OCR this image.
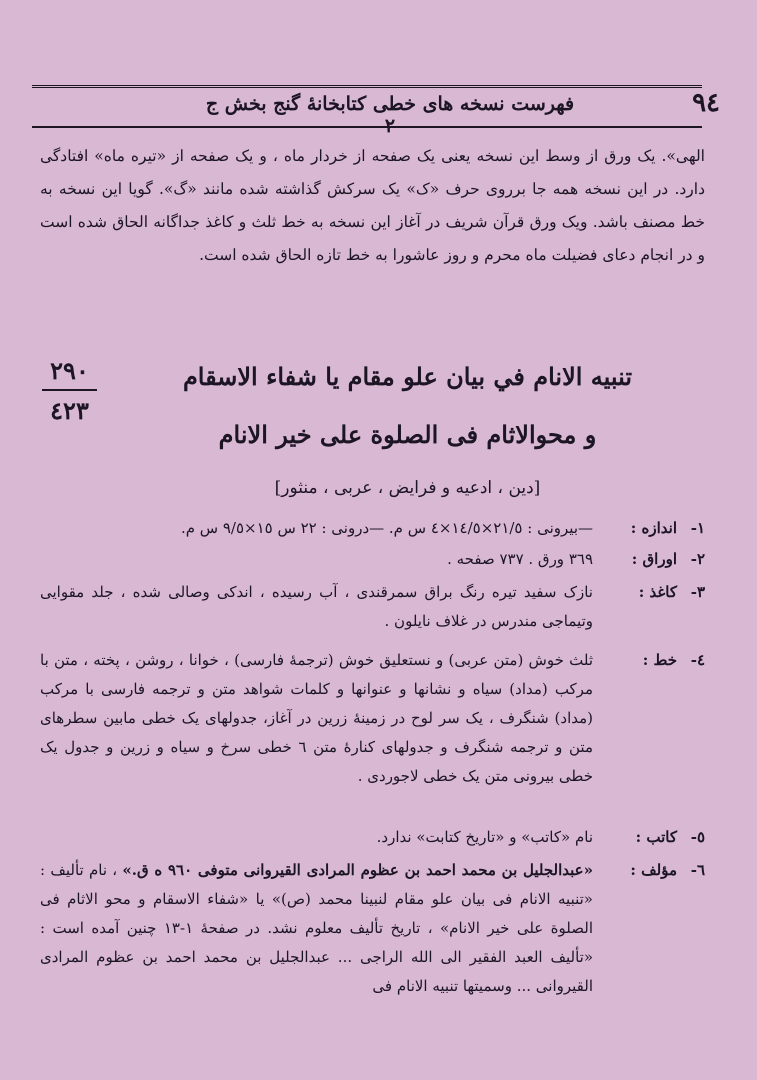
فهرست نسخه های خطی کتابخانهٔ گنج بخش ج ٢
٩٤
الهی». یک ورق از وسط این نسخه یعنی یک صفحه از خردار ماه ، و یک صفحه از «تیره ماه» افتادگی دارد. در این نسخه همه جا برروی حرف «ک» یک سرکش گذاشته شده مانند «گ». گویا این نسخه به خط مصنف باشد. ویک ورق قرآن شریف در آغاز این نسخه به خط ثلث و کاغذ جداگانه الحاق شده است و در انجام دعای فضیلت ماه محرم و روز عاشورا به خط تازه الحاق شده است.
٢٩٠
٤٢٣
تنبیه الانام في بیان علو مقام یا شفاء الاسقام
و محوالاثام فی الصلوة علی خیر الانام
[دین ، ادعیه و فرایض ، عربی ، منثور]
١-
اندازه :
—بیرونی : ٢١/٥×١٤/٥×٤ س م. —درونی : ٢٢ س ١٥×٩/٥ س م.
٢-
اوراق :
٣٦٩ ورق . ٧٣٧ صفحه .
٣-
کاغذ :
نازک سفید تیره رنگ براق سمرقندی ، آب رسیده ، اندکی وصالی شده ، جلد مقوایی وتیماجی مندرس در غلاف نایلون .
٤-
خط :
ثلث خوش (متن عربی) و نستعلیق خوش (ترجمهٔ فارسی) ، خوانا ، روشن ، پخته ، متن با مرکب (مداد) سیاه و نشانها و عنوانها و کلمات شواهد متن و ترجمه فارسی با مرکب (مداد) شنگرف ، یک سر لوح در زمینهٔ زرین در آغاز، جدولهای یک خطی مابین سطرهای متن و ترجمه شنگرف و جدولهای کنارهٔ متن ٦ خطی سرخ و سیاه و زرین و جدول یک خطی بیرونی متن یک خطی لاجوردی .
٥-
کاتب :
نام «کاتب» و «تاریخ کتابت» ندارد.
٦-
مؤلف :
«عبدالجلیل بن محمد احمد بن عظوم المرادی القیروانی متوفی ٩٦٠ ه ق.» ، نام تألیف : «تنبیه الانام فی بیان علو مقام لنبینا محمد (ص)» یا «شفاء الاسقام و محو الاثام فی الصلوة علی خیر الانام» ، تاریخ تألیف معلوم نشد. در صفحهٔ ١-١٣ چنین آمده است : «تألیف العبد الفقیر الی الله الراجی ... عبدالجلیل بن محمد احمد بن عظوم المرادی القیروانی ... وسمیتها تنبیه الانام فی
